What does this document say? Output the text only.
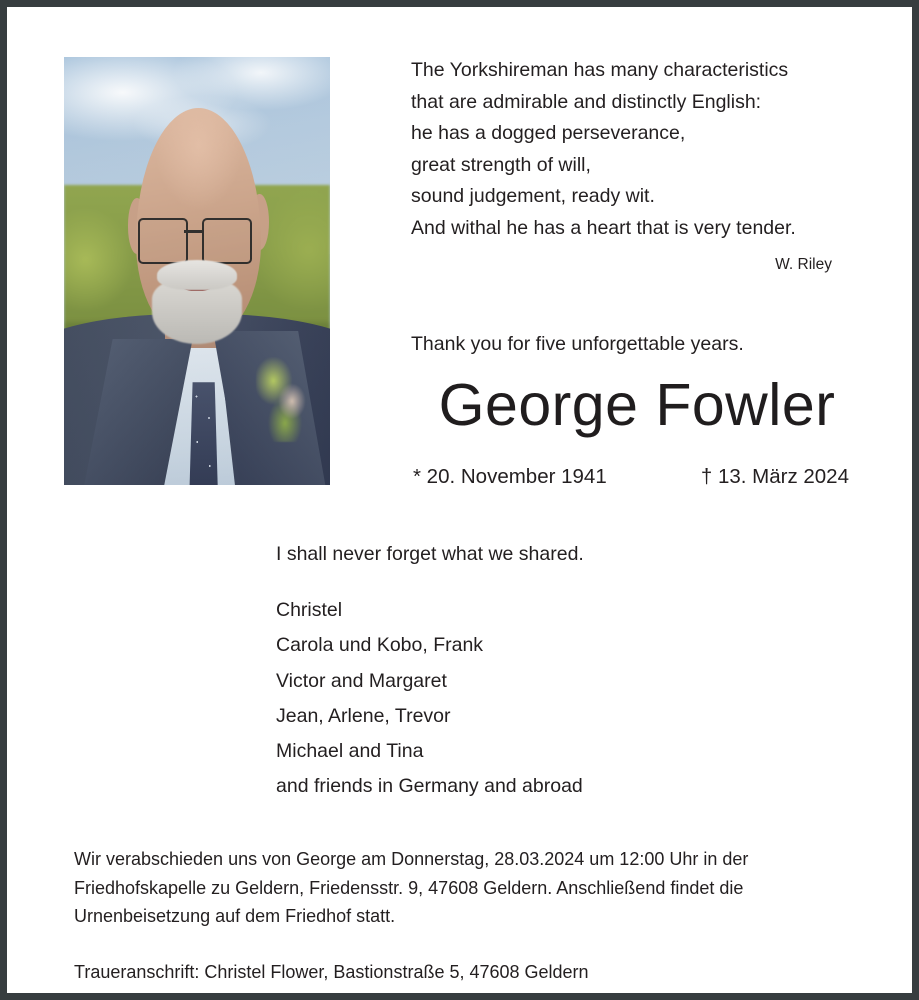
The Yorkshireman has many characteristics
that are admirable and distinctly English:
he has a dogged perseverance,
great strength of will,
sound judgement, ready wit.
And withal he has a heart that is very tender.
W. Riley
Thank you for five unforgettable years.
George Fowler
* 20. November 1941	† 13. März 2024
I shall never forget what we shared.
Christel
Carola und Kobo, Frank
Victor and Margaret
Jean, Arlene, Trevor
Michael and Tina
and friends in Germany and abroad
Wir verabschieden uns von George am Donnerstag, 28.03.2024 um 12:00 Uhr in der Friedhofskapelle zu Geldern, Friedensstr. 9, 47608 Geldern. Anschließend findet die Urnenbeisetzung auf dem Friedhof statt.
Traueranschrift: Christel Flower, Bastionstraße 5, 47608 Geldern
